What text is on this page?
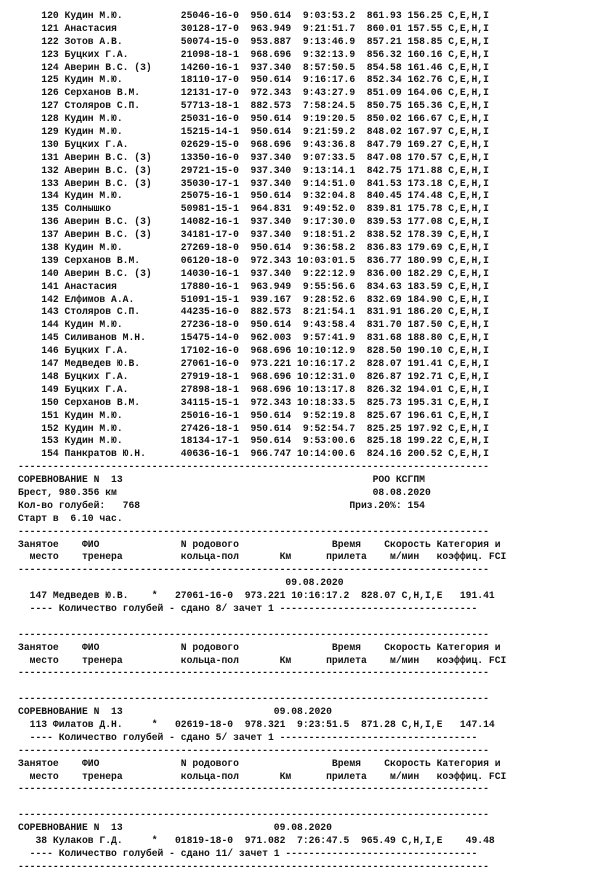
120 Кудин М.Ю.          25046-16-0  950.614  9:03:53.2  861.93 156.25 C,E,H,I
121 Анастасия           30128-17-0  963.949  9:21:51.7  860.01 157.55 C,E,H,I
122 Зотов А.В.          50074-15-0  953.887  9:13:46.9  857.21 158.85 C,E,H,I
123 Буцких Г.А.         21098-18-1  968.696  9:32:13.9  856.32 160.16 C,E,H,I
124 Аверин В.С. (3)     14260-16-1  937.340  8:57:50.5  854.58 161.46 C,E,H,I
125 Кудин М.Ю.          18110-17-0  950.614  9:16:17.6  852.34 162.76 C,E,H,I
126 Серханов В.М.       12131-17-0  972.343  9:43:27.9  851.09 164.06 C,E,H,I
127 Столяров С.П.       57713-18-1  882.573  7:58:24.5  850.75 165.36 C,E,H,I
128 Кудин М.Ю.          25031-16-0  950.614  9:19:20.5  850.02 166.67 C,E,H,I
129 Кудин М.Ю.          15215-14-1  950.614  9:21:59.2  848.02 167.97 C,E,H,I
130 Буцких Г.А.         02629-15-0  968.696  9:43:36.8  847.79 169.27 C,E,H,I
131 Аверин В.С. (3)     13350-16-0  937.340  9:07:33.5  847.08 170.57 C,E,H,I
132 Аверин В.С. (3)     29721-15-0  937.340  9:13:14.1  842.75 171.88 C,E,H,I
133 Аверин В.С. (3)     35030-17-1  937.340  9:14:51.0  841.53 173.18 C,E,H,I
134 Кудин М.Ю.          25075-16-1  950.614  9:32:04.8  840.45 174.48 C,E,H,I
135 Солнышко            50981-15-1  964.831  9:49:52.0  839.81 175.78 C,E,H,I
136 Аверин В.С. (3)     14082-16-1  937.340  9:17:30.0  839.53 177.08 C,E,H,I
137 Аверин В.С. (3)     34181-17-0  937.340  9:18:51.2  838.52 178.39 C,E,H,I
138 Кудин М.Ю.          27269-18-0  950.614  9:36:58.2  836.83 179.69 C,E,H,I
139 Серханов В.М.       06120-18-0  972.343 10:03:01.5  836.77 180.99 C,E,H,I
140 Аверин В.С. (3)     14030-16-1  937.340  9:22:12.9  836.00 182.29 C,E,H,I
141 Анастасия           17880-16-1  963.949  9:55:56.6  834.63 183.59 C,E,H,I
142 Елфимов А.А.        51091-15-1  939.167  9:28:52.6  832.69 184.90 C,E,H,I
143 Столяров С.П.       44235-16-0  882.573  8:21:54.1  831.91 186.20 C,E,H,I
144 Кудин М.Ю.          27236-18-0  950.614  9:43:58.4  831.70 187.50 C,E,H,I
145 Силиванов М.Н.      15475-14-0  962.003  9:57:41.9  831.68 188.80 C,E,H,I
146 Буцких Г.А.         17102-16-0  968.696 10:10:12.9  828.50 190.10 C,E,H,I
147 Медведев Ю.В.       27061-16-0  973.221 10:16:17.2  828.07 191.41 C,E,H,I
148 Буцких Г.А.         27919-18-1  968.696 10:12:31.0  826.87 192.71 C,E,H,I
149 Буцких Г.А.         27898-18-1  968.696 10:13:17.8  826.32 194.01 C,E,H,I
150 Серханов В.М.       34115-15-1  972.343 10:18:33.5  825.73 195.31 C,E,H,I
151 Кудин М.Ю.          25016-16-1  950.614  9:52:19.8  825.67 196.61 C,E,H,I
152 Кудин М.Ю.          27426-18-1  950.614  9:52:54.7  825.25 197.92 C,E,H,I
153 Кудин М.Ю.          18134-17-1  950.614  9:53:00.6  825.18 199.22 C,E,H,I
154 Панкратов Ю.Н.      40636-16-1  966.747 10:14:00.6  824.16 200.52 C,E,H,I
---------------------------------------------------------------------------------
СОРЕВНОВАНИЕ N  13                                           РОО КСГПМ
Брест, 980.356 км                                            08.08.2020
Кол-во голубей:   768                                    Приз.20%: 154
Старт в  6.10 час.
---------------------------------------------------------------------------------
Занятое    ФИО              N родового                Время    Скорость Категория и
место    тренера          кольца-пол       Км      прилета    м/мин   коэффиц. FCI
---------------------------------------------------------------------------------
09.08.2020
147 Медведев Ю.В.    *   27061-16-0  973.221 10:16:17.2  828.07 C,H,I,E   191.41
---- Количество голубей - сдано 8/ зачет 1 ----------------------------------
---------------------------------------------------------------------------------
Занятое    ФИО              N родового                Время    Скорость Категория и
место    тренера          кольца-пол       Км      прилета    м/мин   коэффиц. FCI
---------------------------------------------------------------------------------
---------------------------------------------------------------------------------
СОРЕВНОВАНИЕ N  13                          09.08.2020
113 Филатов Д.Н.     *   02619-18-0  978.321  9:23:51.5  871.28 C,H,I,E   147.14
---- Количество голубей - сдано 5/ зачет 1 ----------------------------------
---------------------------------------------------------------------------------
Занятое    ФИО              N родового                Время    Скорость Категория и
место    тренера          кольца-пол       Км      прилета    м/мин   коэффиц. FCI
---------------------------------------------------------------------------------
---------------------------------------------------------------------------------
СОРЕВНОВАНИЕ N  13                          09.08.2020
38 Кулаков Г.Д.     *   01819-18-0  971.082  7:26:47.5  965.49 C,H,I,E    49.48
---- Количество голубей - сдано 11/ зачет 1 ---------------------------------
---------------------------------------------------------------------------------
